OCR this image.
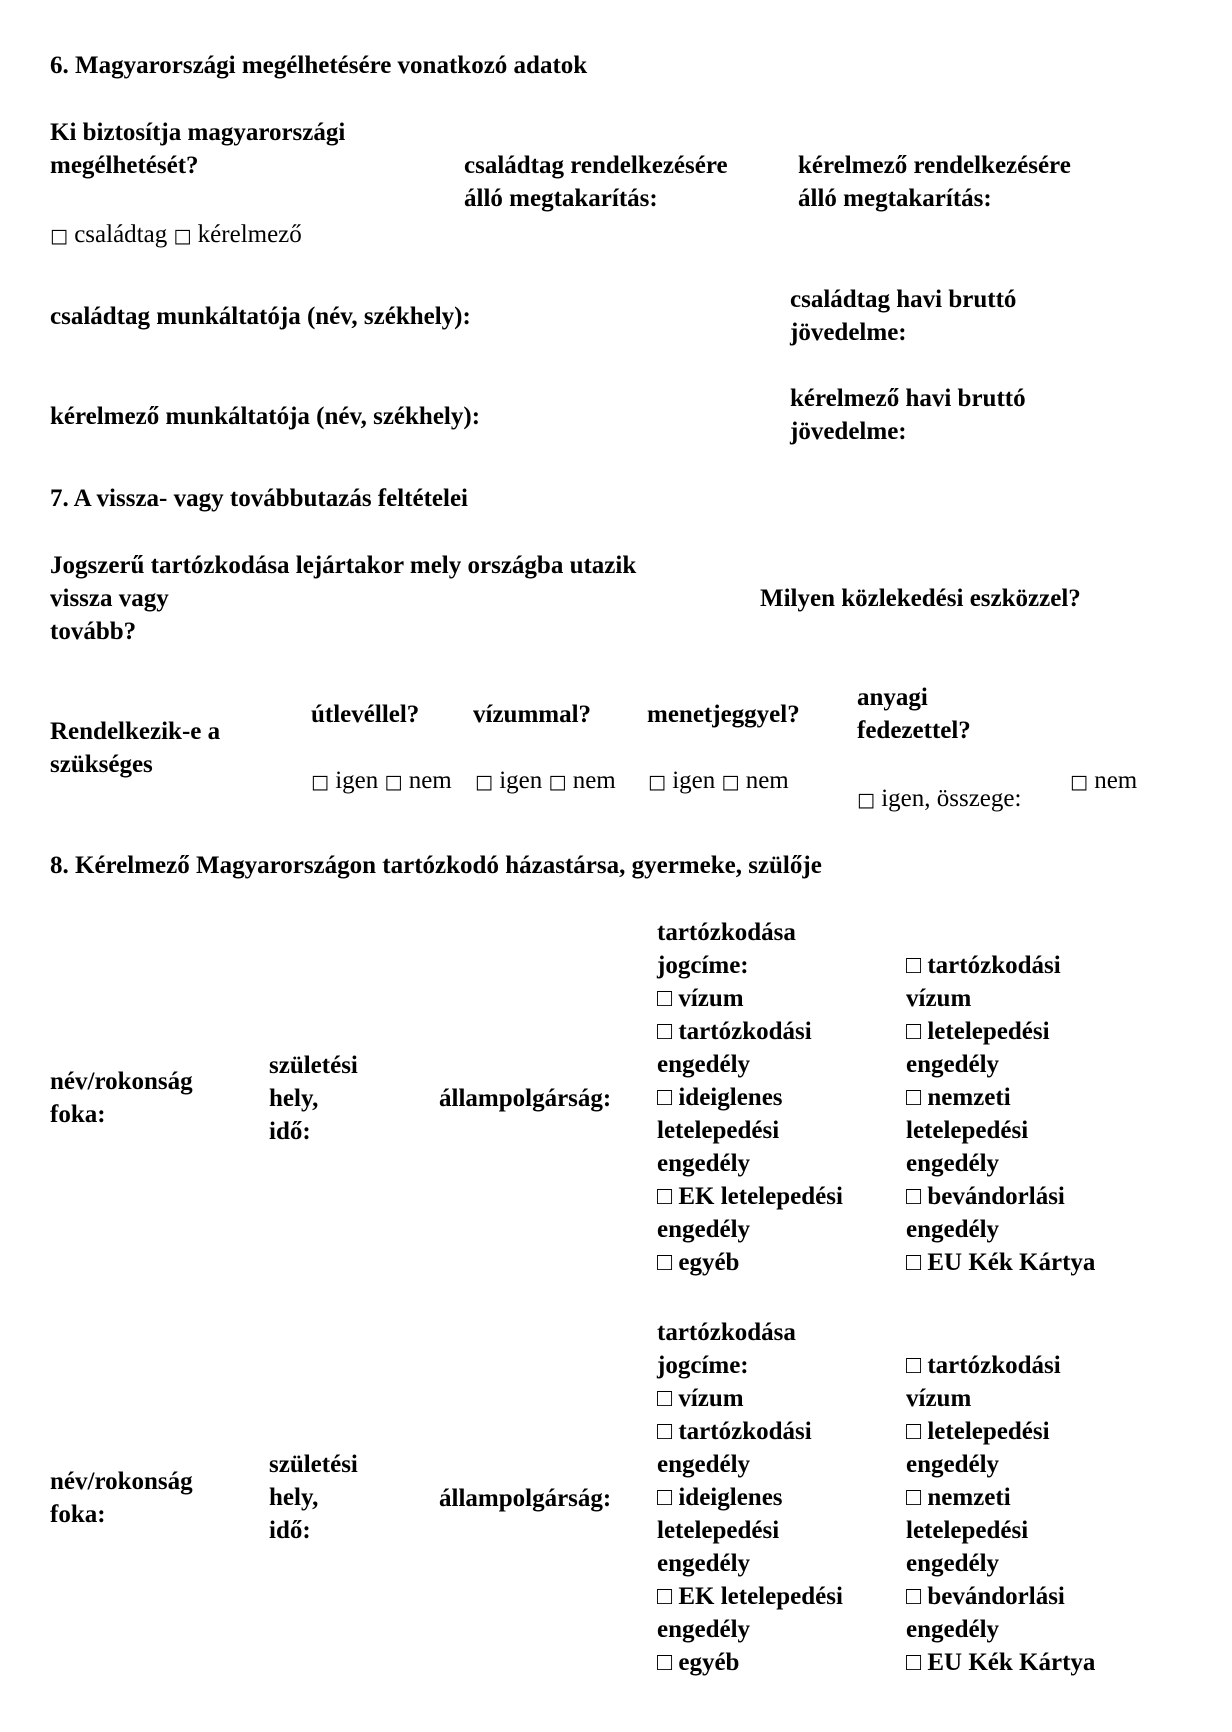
6. Magyarországi megélhetésére vonatkozó adatok

Ki biztosítja magyarországi

megélhetését?	családtag rendelkezésére

álló megtakarítás:

kérelmező rendelkezésére

álló megtakarítás:

□ családtag □ kérelmező

családtag munkáltatója (név, székhely):

családtag havi bruttó

jövedelme:

kérelmező munkáltatója (név, székhely):

kérelmező havi bruttó

jövedelme:

7. A vissza- vagy továbbutazás feltételei

Jogszerű tartózkodása lejártakor mely országba utazik

vissza vagy

tovább?

Milyen közlekedési eszközzel?

Rendelkezik-e a

szükséges

útlevéllel? vízummal? menetjeggyel?

anyagi

fedezettel?

□ igen □ nem □ igen □ nem □ igen □ nem

□ igen, összege:

□ nem

8. Kérelmező Magyarországon tartózkodó házastársa, gyermeke, szülője

név/rokonság

foka:

születési

hely,

idő:

állampolgárság:

tartózkodása

jogcíme:

□ vízum

□ tartózkodási

engedély

□ ideiglenes

letelepedési

engedély

□ EK letelepedési

engedély

□ egyéb

□ tartózkodási

vízum

□ letelepedési

engedély

□ nemzeti

letelepedési

engedély

□ bevándorlási

engedély

□ EU Kék Kártya

név/rokonság

foka:

születési

hely,

idő:

állampolgárság:

tartózkodása

jogcíme:

□ vízum

□ tartózkodási

engedély

□ ideiglenes

letelepedési

engedély

□ EK letelepedési

engedély

□ egyéb

□ tartózkodási

vízum

□ letelepedési

engedély

□ nemzeti

letelepedési

engedély

□ bevándorlási

engedély

□ EU Kék Kártya
